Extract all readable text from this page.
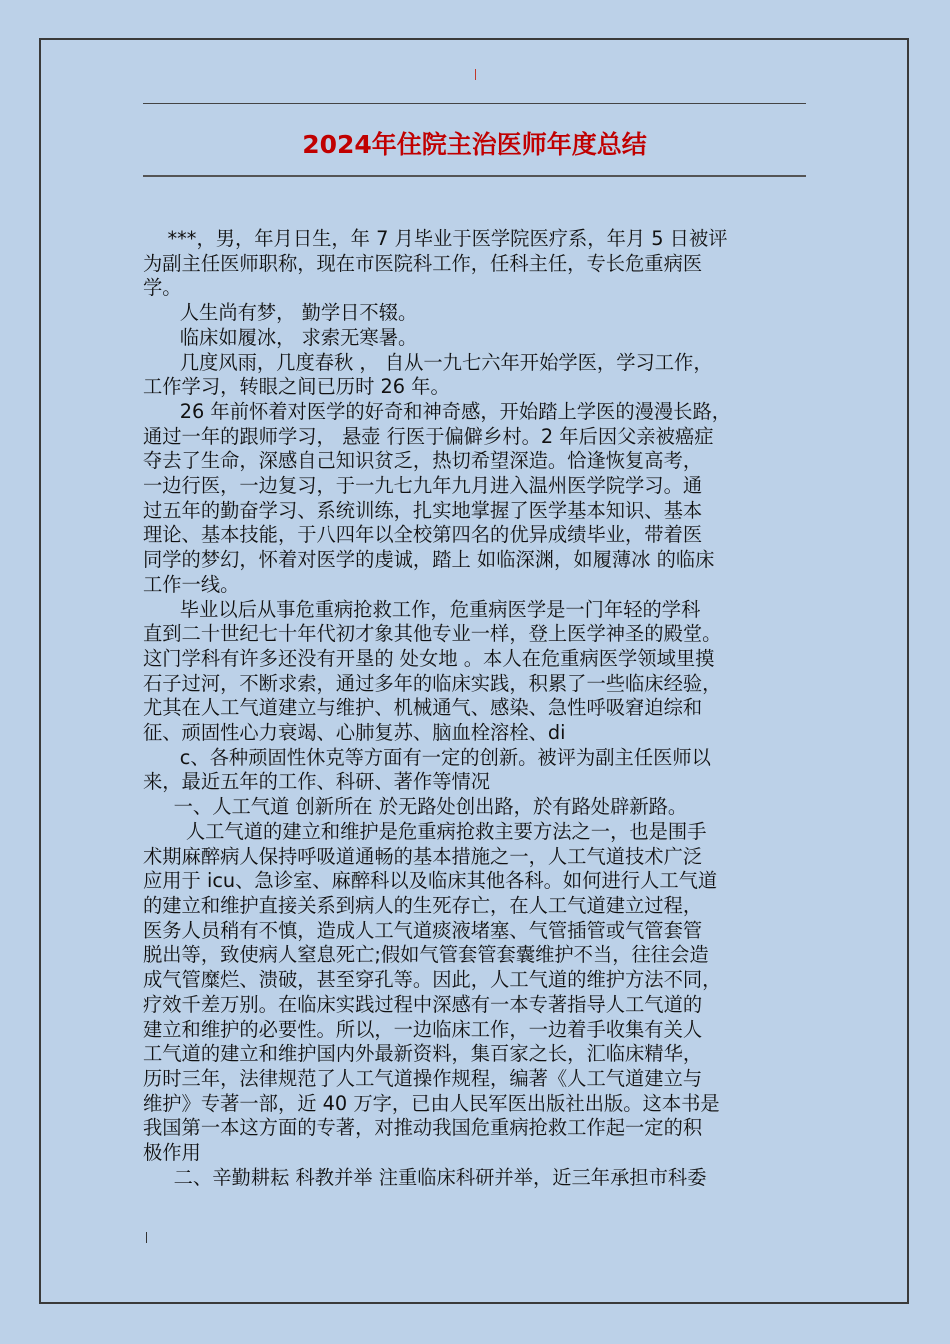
2024年住院主治医师年度总结

***，男，年月日生，年 7 月毕业于医学院医疗系，年月 5 日被评

为副主任医师职称，现在市医院科工作，任科主任，专长危重病医

学。

人生尚有梦， 勤学日不辍。

临床如履冰， 求索无寒暑。

几度风雨，几度春秋 ， 自从一九七六年开始学医，学习工作，

工作学习，转眼之间已历时 26 年。

26 年前怀着对医学的好奇和神奇感，开始踏上学医的漫漫长路，

通过一年的跟师学习， 悬壶 行医于偏僻乡村。2 年后因父亲被癌症

夺去了生命，深感自己知识贫乏，热切希望深造。恰逢恢复高考，

一边行医，一边复习，于一九七九年九月进入温州医学院学习。通

过五年的勤奋学习、系统训练，扎实地掌握了医学基本知识、基本

理论、基本技能，于八四年以全校第四名的优异成绩毕业，带着医

同学的梦幻，怀着对医学的虔诚，踏上 如临深渊，如履薄冰 的临床

工作一线。

毕业以后从事危重病抢救工作，危重病医学是一门年轻的学科

直到二十世纪七十年代初才象其他专业一样，登上医学神圣的殿堂。

这门学科有许多还没有开垦的 处女地 。本人在危重病医学领域里摸

石子过河，不断求索，通过多年的临床实践，积累了一些临床经验，

尤其在人工气道建立与维护、机械通气、感染、急性呼吸窘迫综和

征、顽固性心力衰竭、心肺复苏、脑血栓溶栓、di

c、各种顽固性休克等方面有一定的创新。被评为副主任医师以

来，最近五年的工作、科研、著作等情况

一、人工气道 创新所在 於无路处创出路，於有路处辟新路。

人工气道的建立和维护是危重病抢救主要方法之一，也是围手

术期麻醉病人保持呼吸道通畅的基本措施之一，人工气道技术广泛

应用于 icu、急诊室、麻醉科以及临床其他各科。如何进行人工气道

的建立和维护直接关系到病人的生死存亡，在人工气道建立过程，

医务人员稍有不慎，造成人工气道痰液堵塞、气管插管或气管套管

脱出等，致使病人窒息死亡;假如气管套管套囊维护不当，往往会造

成气管糜烂、溃破，甚至穿孔等。因此，人工气道的维护方法不同，

疗效千差万别。在临床实践过程中深感有一本专著指导人工气道的

建立和维护的必要性。所以，一边临床工作，一边着手收集有关人

工气道的建立和维护国内外最新资料，集百家之长，汇临床精华，

历时三年，法律规范了人工气道操作规程，编著《人工气道建立与

维护》专著一部，近 40 万字，已由人民军医出版社出版。这本书是

我国第一本这方面的专著，对推动我国危重病抢救工作起一定的积

极作用

二、辛勤耕耘 科教并举 注重临床科研并举，近三年承担市科委
